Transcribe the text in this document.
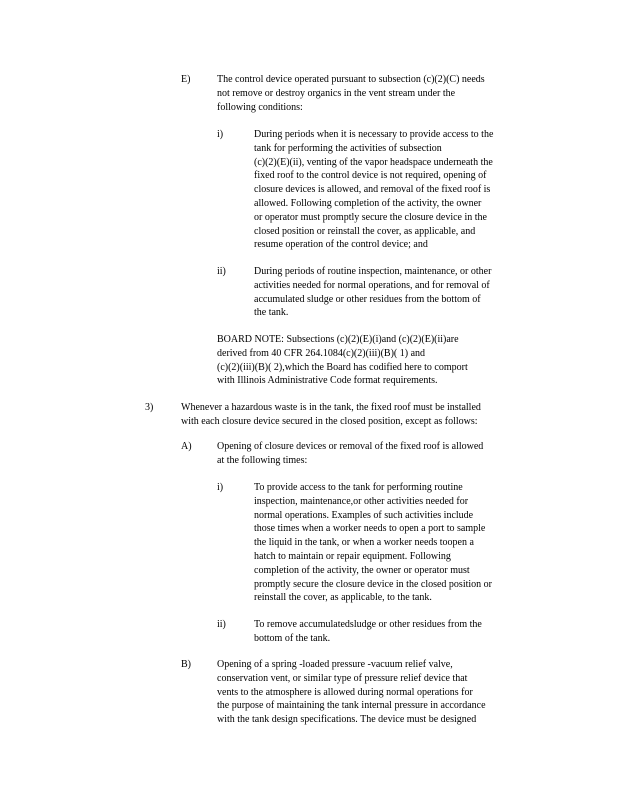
E)	The control device operated pursuant to subsection (c)(2)(C) needs
not remove or destroy organics in the vent stream under the
following conditions:
i)	During periods when it is necessary to provide access to the
tank for performing the activities of subsection
(c)(2)(E)(ii), venting of the vapor headspace underneath the
fixed roof to the control device is not required, opening of
closure devices is allowed, and removal of the fixed roof is
allowed. Following completion of the activity, the owner
or operator must promptly secure the closure device in the
closed position or reinstall the cover, as applicable, and
resume operation of the control device; and
ii)	During periods of routine inspection, maintenance, or other
activities needed for normal operations, and for removal of
accumulated sludge or other residues from the bottom of
the tank.
BOARD NOTE: Subsections (c)(2)(E)(i)and (c)(2)(E)(ii)are
derived from 40 CFR 264.1084(c)(2)(iii)(B)( 1) and
(c)(2)(iii)(B)( 2),which the Board has codified here to comport
with Illinois Administrative Code format requirements.
3)	Whenever a hazardous waste is in the tank, the fixed roof must be installed
with each closure device secured in the closed position, except as follows:
A)	Opening of closure devices or removal of the fixed roof is allowed
at the following times:
i)	To provide access to the tank for performing routine
inspection, maintenance,or other activities needed for
normal operations. Examples of such activities include
those times when a worker needs to open a port to sample
the liquid in the tank, or when a worker needs toopen a
hatch to maintain or repair equipment. Following
completion of the activity, the owner or operator must
promptly secure the closure device in the closed position or
reinstall the cover, as applicable, to the tank.
ii)	To remove accumulatedsludge or other residues from the
bottom of the tank.
B)	Opening of a spring -loaded pressure -vacuum relief valve,
conservation vent, or similar type of pressure relief device that
vents to the atmosphere is allowed during normal operations for
the purpose of maintaining the tank internal pressure in accordance
with the tank design specifications. The device must be designed
